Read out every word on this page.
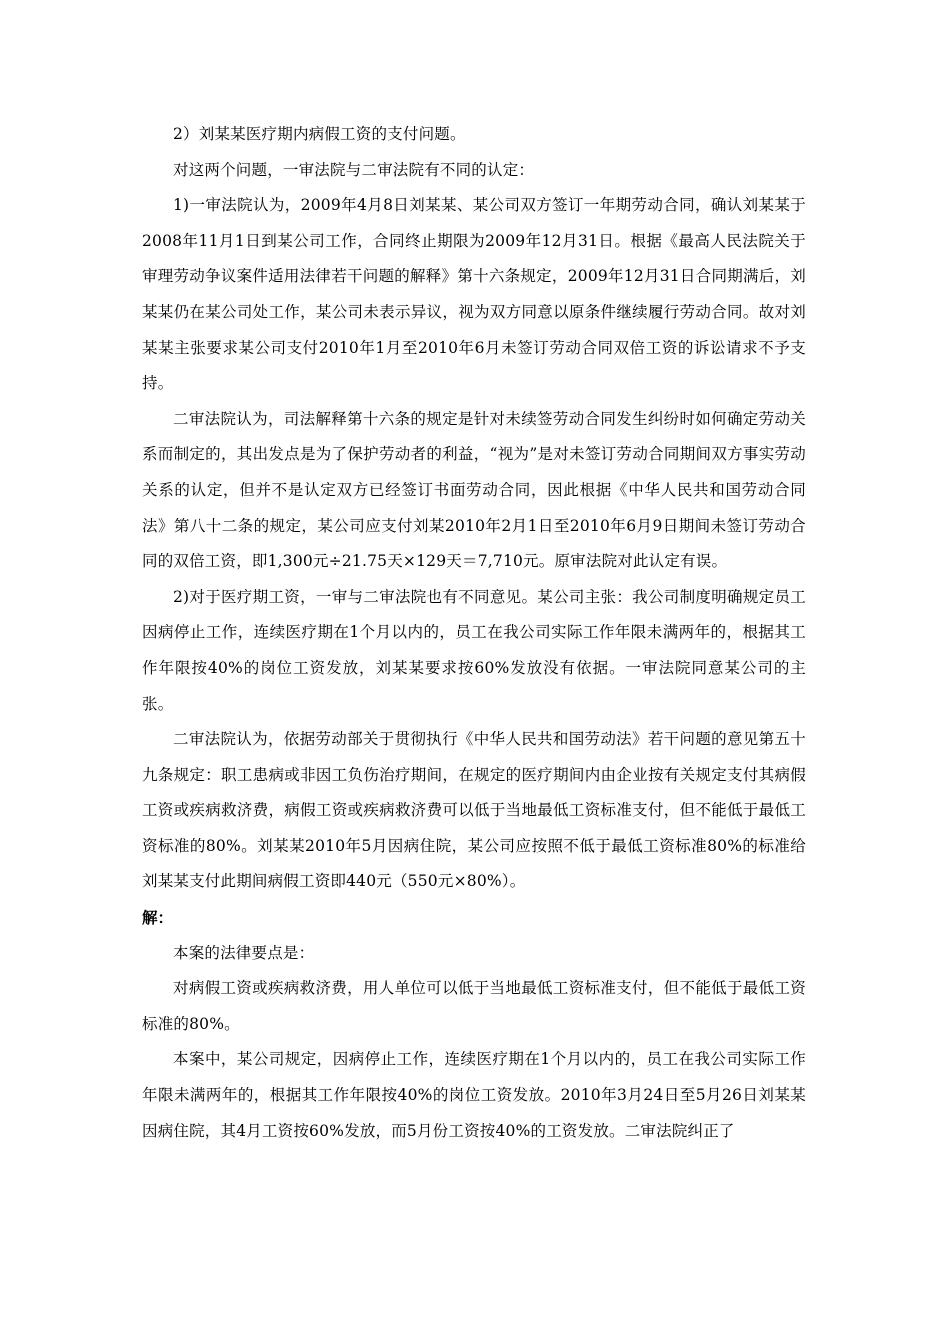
2）刘某某医疗期内病假工资的支付问题。

对这两个问题，一审法院与二审法院有不同的认定：

1)一审法院认为，2009年4月8日刘某某、某公司双方签订一年期劳动合同，确认刘某某于2008年11月1日到某公司工作，合同终止期限为2009年12月31日。根据《最高人民法院关于审理劳动争议案件适用法律若干问题的解释》第十六条规定，2009年12月31日合同期满后，刘某某仍在某公司处工作，某公司未表示异议，视为双方同意以原条件继续履行劳动合同。故对刘某某主张要求某公司支付2010年1月至2010年6月未签订劳动合同双倍工资的诉讼请求不予支持。

二审法院认为，司法解释第十六条的规定是针对未续签劳动合同发生纠纷时如何确定劳动关系而制定的，其出发点是为了保护劳动者的利益，“视为”是对未签订劳动合同期间双方事实劳动关系的认定，但并不是认定双方已经签订书面劳动合同，因此根据《中华人民共和国劳动合同法》第八十二条的规定，某公司应支付刘某2010年2月1日至2010年6月9日期间未签订劳动合同的双倍工资，即1,300元÷21.75天×129天＝7,710元。原审法院对此认定有误。

2)对于医疗期工资，一审与二审法院也有不同意见。某公司主张：我公司制度明确规定员工因病停止工作，连续医疗期在1个月以内的，员工在我公司实际工作年限未满两年的，根据其工作年限按40%的岗位工资发放，刘某某要求按60%发放没有依据。一审法院同意某公司的主张。

二审法院认为，依据劳动部关于贯彻执行《中华人民共和国劳动法》若干问题的意见第五十九条规定：职工患病或非因工负伤治疗期间，在规定的医疗期间内由企业按有关规定支付其病假工资或疾病救济费，病假工资或疾病救济费可以低于当地最低工资标准支付，但不能低于最低工资标准的80%。刘某某2010年5月因病住院，某公司应按照不低于最低工资标准80%的标准给刘某某支付此期间病假工资即440元（550元×80%）。

解：

本案的法律要点是：

对病假工资或疾病救济费，用人单位可以低于当地最低工资标准支付，但不能低于最低工资标准的80%。

本案中，某公司规定，因病停止工作，连续医疗期在1个月以内的，员工在我公司实际工作年限未满两年的，根据其工作年限按40%的岗位工资发放。2010年3月24日至5月26日刘某某因病住院，其4月工资按60%发放，而5月份工资按40%的工资发放。二审法院纠正了
